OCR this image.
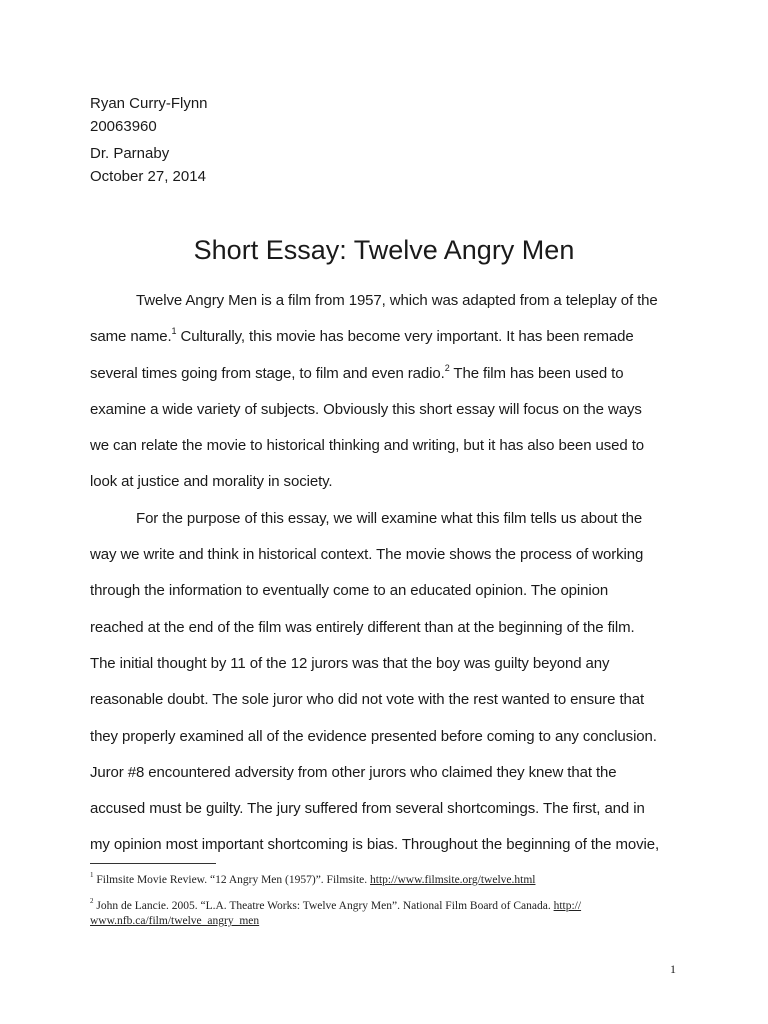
Ryan Curry-Flynn
20063960
Dr. Parnaby
October 27, 2014
Short Essay: Twelve Angry Men
Twelve Angry Men is a film from 1957, which was adapted from a teleplay of the
same name.$^1$ Culturally, this movie has become very important. It has been remade
several times going from stage, to film and even radio.$^2$ The film has been used to
examine a wide variety of subjects. Obviously this short essay will focus on the ways
we can relate the movie to historical thinking and writing, but it has also been used to
look at justice and morality in society.
For the purpose of this essay, we will examine what this film tells us about the
way we write and think in historical context. The movie shows the process of working
through the information to eventually come to an educated opinion. The opinion
reached at the end of the film was entirely different than at the beginning of the film.
The initial thought by 11 of the 12 jurors was that the boy was guilty beyond any
reasonable doubt. The sole juror who did not vote with the rest wanted to ensure that
they properly examined all of the evidence presented before coming to any conclusion.
Juror #8 encountered adversity from other jurors who claimed they knew that the
accused must be guilty. The jury suffered from several shortcomings. The first, and in
my opinion most important shortcoming is bias. Throughout the beginning of the movie,
$^1$ Filmsite Movie Review. “12 Angry Men (1957)”. Filmsite. http://www.filmsite.org/twelve.html
$^2$ John de Lancie. 2005. “L.A. Theatre Works: Twelve Angry Men”. National Film Board of Canada. http://
www.nfb.ca/film/twelve_angry_men
1
